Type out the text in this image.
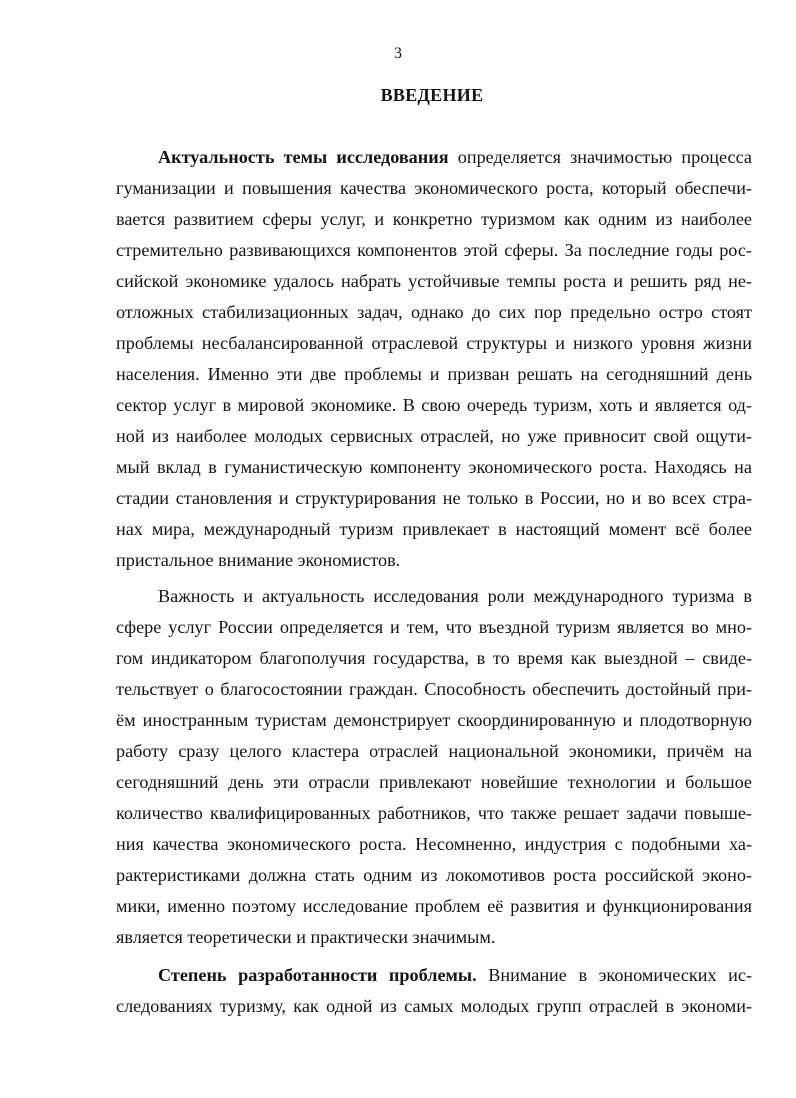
3
ВВЕДЕНИЕ
Актуальность темы исследования определяется значимостью процесса
гуманизации и повышения качества экономического роста, который обеспечи-
вается развитием сферы услуг, и конкретно туризмом как одним из наиболее
стремительно развивающихся компонентов этой сферы. За последние годы рос-
сийской экономике удалось набрать устойчивые темпы роста и решить ряд не-
отложных стабилизационных задач, однако до сих пор предельно остро стоят
проблемы несбалансированной отраслевой структуры и низкого уровня жизни
населения. Именно эти две проблемы и призван решать на сегодняшний день
сектор услуг в мировой экономике. В свою очередь туризм, хоть и является од-
ной из наиболее молодых сервисных отраслей, но уже привносит свой ощути-
мый вклад в гуманистическую компоненту экономического роста. Находясь на
стадии становления и структурирования не только в России, но и во всех стра-
нах мира, международный туризм привлекает в настоящий момент всё более
пристальное внимание экономистов.
Важность и актуальность исследования роли международного туризма в
сфере услуг России определяется и тем, что въездной туризм является во мно-
гом индикатором благополучия государства, в то время как выездной – свиде-
тельствует о благосостоянии граждан. Способность обеспечить достойный при-
ём иностранным туристам демонстрирует скоординированную и плодотворную
работу сразу целого кластера отраслей национальной экономики, причём на
сегодняшний день эти отрасли привлекают новейшие технологии и большое
количество квалифицированных работников, что также решает задачи повыше-
ния качества экономического роста. Несомненно, индустрия с подобными ха-
рактеристиками должна стать одним из локомотивов роста российской эконо-
мики, именно поэтому исследование проблем её развития и функционирования
является теоретически и практически значимым.
Степень разработанности проблемы. Внимание в экономических ис-
следованиях туризму, как одной из самых молодых групп отраслей в экономи-
